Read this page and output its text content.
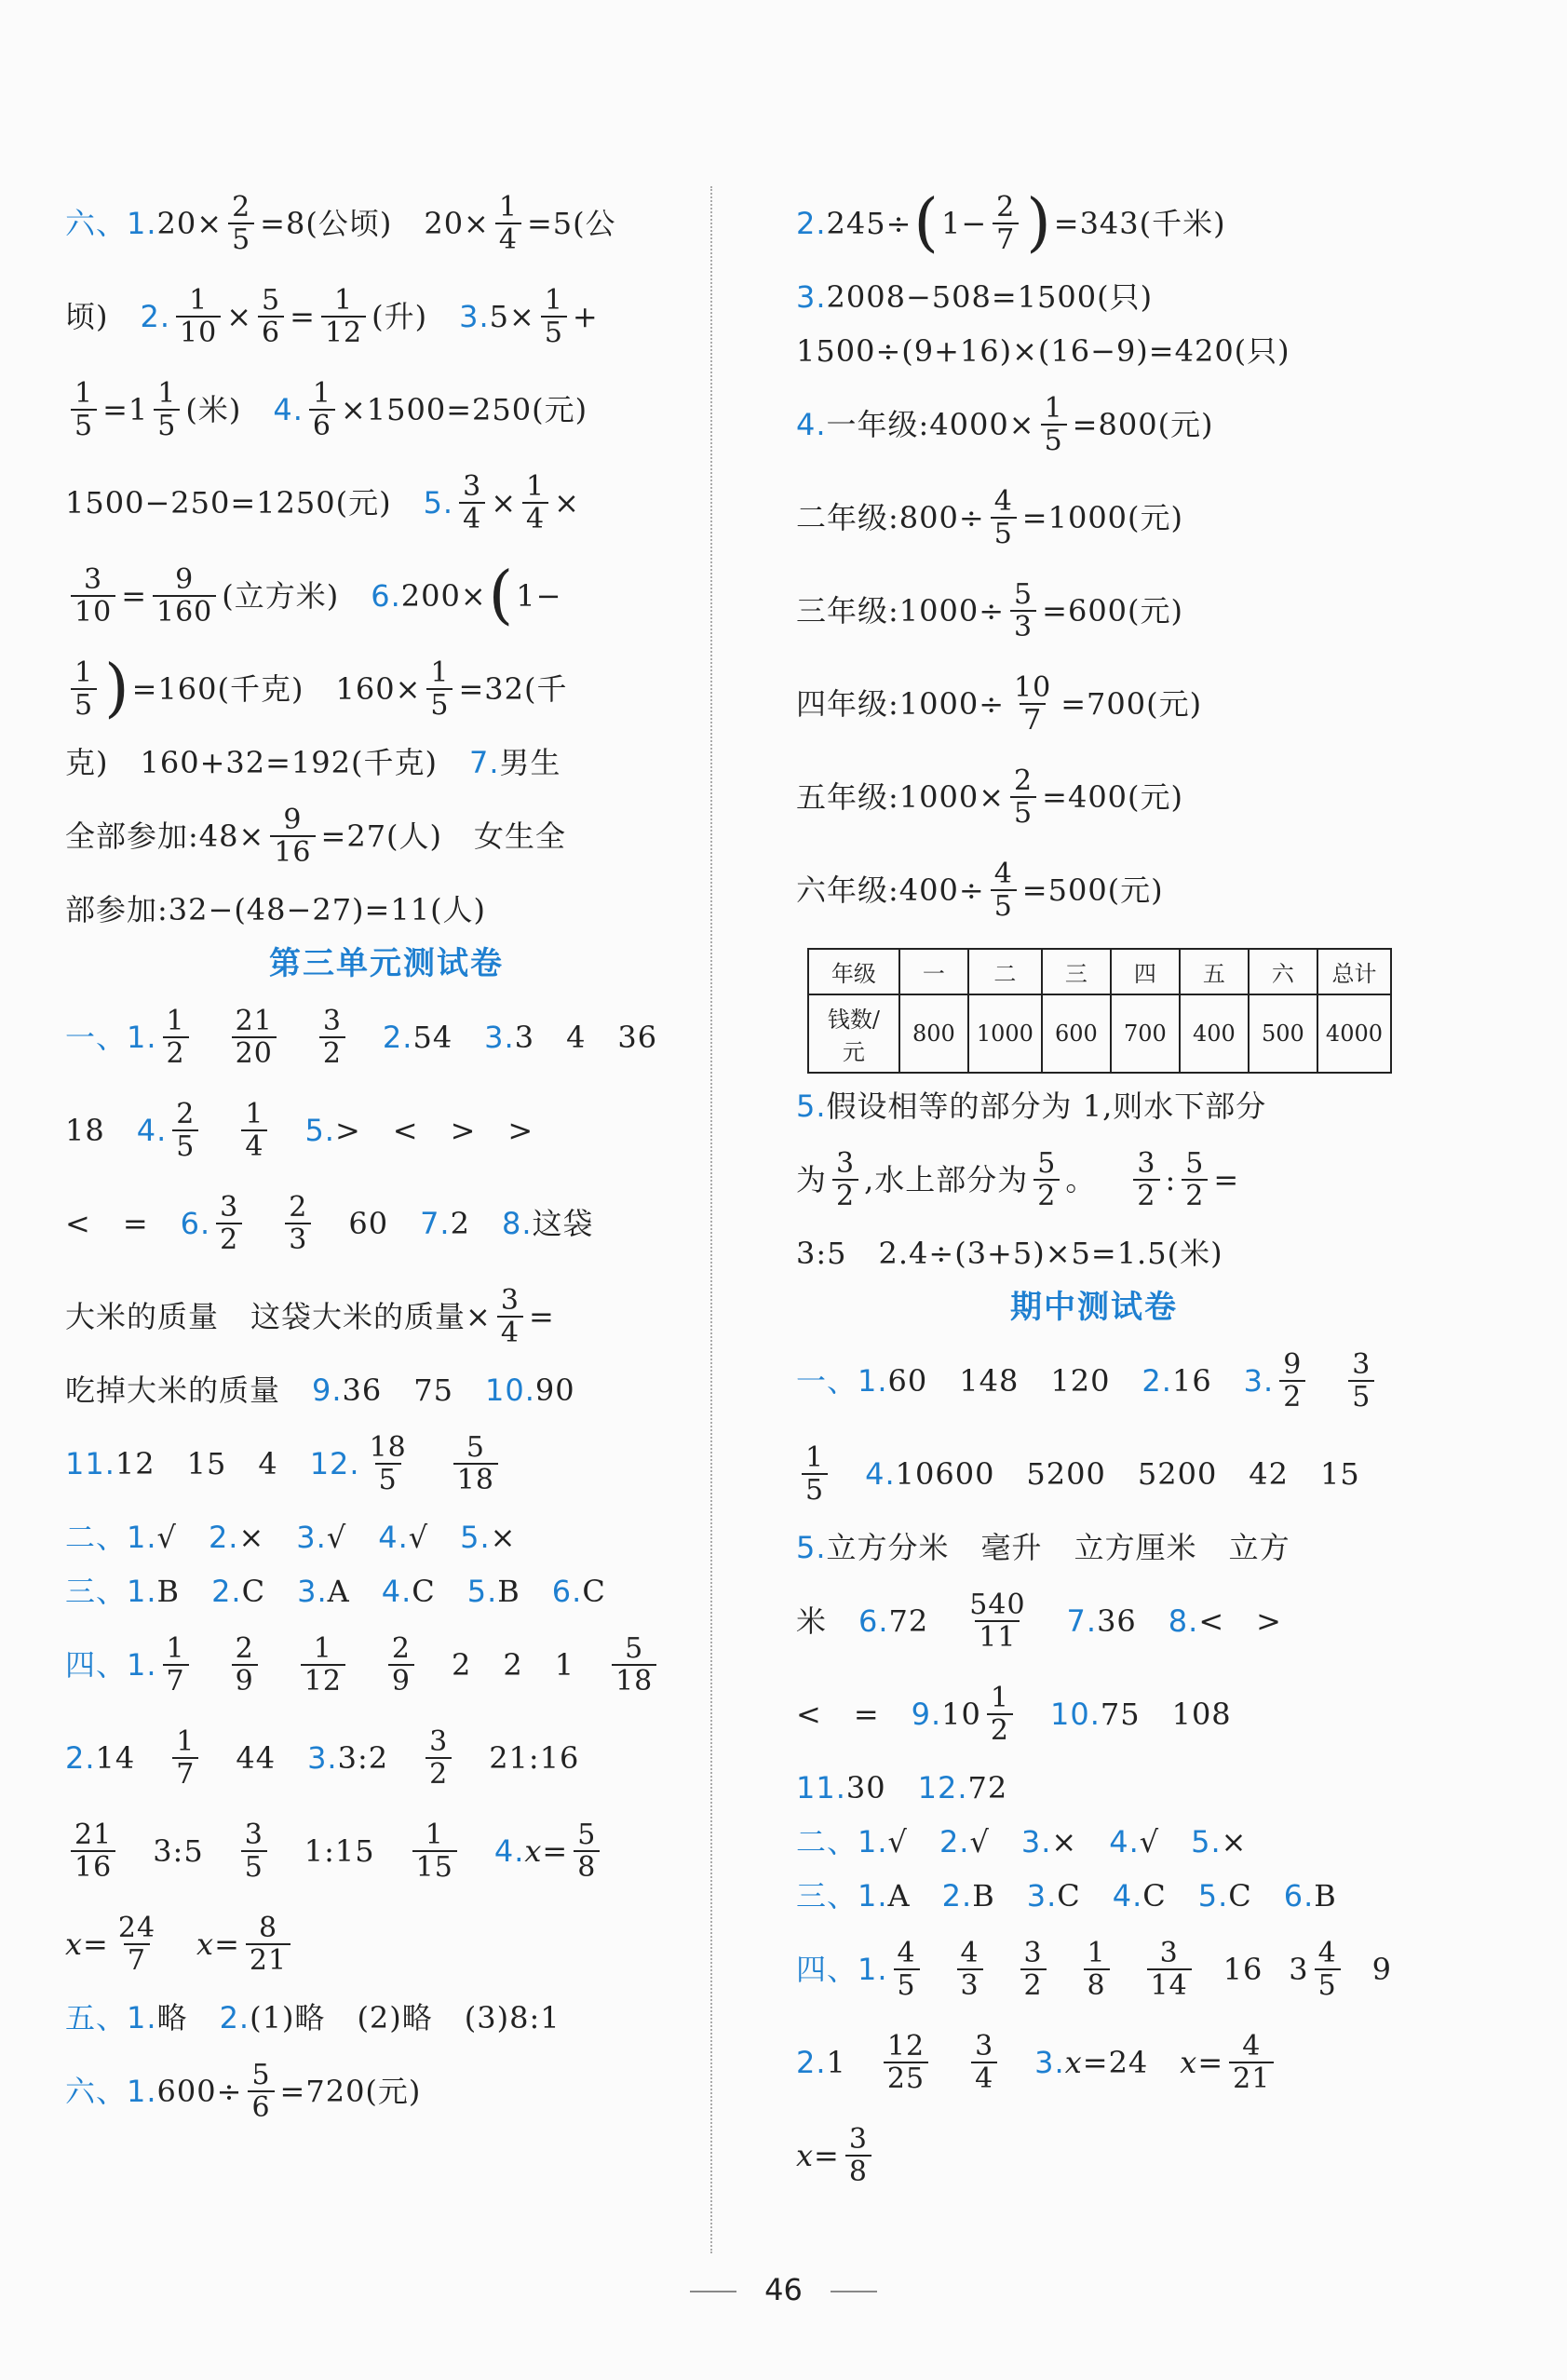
六、1. $20\times \frac{2}{5} =8$(公顷) $20\times \frac{1}{4} =5$(公
顷) 2. $\frac{1}{10} \times \frac{5}{6} = \frac{1}{12}$ (升) 3. $5\times \frac{1}{5}$ +
$\frac{1}{5} =1 \frac{1}{5}$ (米) 4. $\frac{1}{6} \times 1500=250$(元)
1500−250=1250(元) 5. $\frac{3}{4} \times \frac{1}{4}$ ×
$\frac{3}{10} = \frac{9}{160}$ (立方米) 6. 200× ( 1−
$\frac{1}{5}$ ) =160(千克) $160\times \frac{1}{5} =32$(千
克) 160+32=192(千克) 7. 男生
全部参加:48× $\frac{9}{16} =27$(人) 女生全
部参加:32−(48−27)=11(人)
第三单元测试卷
一、1. $\frac{1}{2} \frac{21}{20} \frac{3}{2} 2$. 54 3. 3 4 36
18 4. $\frac{2}{5} \frac{1}{4} 5$. > < > >
< = 6. $\frac{3}{2} \frac{2}{3} 60$ 7. 2 8. 这袋
大米的质量 这袋大米的质量× $\frac{3}{4}$ =
吃掉大米的质量 9. 36 75 10. 90
11. 12 15 4 12. $\frac{18}{5} \frac{5}{18}$
二、1. √ 2. × 3. √ 4. √ 5. ×
三、1. B 2. C 3. A 4. C 5. B 6. C
四、1. $\frac{1}{7} \frac{2}{9} \frac{1}{12} \frac{2}{9} 2$ 2 $1 \frac{5}{18}$
2. $14 \frac{1}{7} 44$ 3. 3:2 $\frac{3}{2}$ 21:16
$\frac{21}{16}$ 3:5 $\frac{3}{5}$ 1:15 $\frac{1}{15} 4$. $x = \frac{5}{8}$
$x = \frac{24}{7}$ $x = \frac{8}{21}$
五、1. 略 2. (1)略 (2)略 (3)8:1
六、1. $600\div \frac{5}{6} =720$(元)
2. 245÷ ( $1- \frac{2}{7}$ ) =343(千米)
3. 2008−508=1500(只)
1500÷(9+16)×(16−9)=420(只)
4. 一年级:4000× $\frac{1}{5} =800$(元)
二年级:800÷ $\frac{4}{5} =1000$(元)
三年级:1000÷ $\frac{5}{3} =600$(元)
四年级:1000÷ $\frac{10}{7} =700$(元)
五年级:1000× $\frac{2}{5} =400$(元)
六年级:400÷ $\frac{4}{5} =500$(元)
年级	一	二	三	四	五	六	总计
钱数/元	800	1000	600	700	400	500	4000
5. 假设相等的部分为 1,则水下部分
为 $\frac{3}{2}$ ,水上部分为 $\frac{5}{2}$ 。 $\frac{3}{2}$ : $\frac{5}{2}$ =
3:5 2.4÷(3+5)×5=1.5(米)
期中测试卷
一、1. 60 148 120 2. 16 3. $\frac{9}{2} \frac{3}{5}$
$\frac{1}{5} 4$. 10600 5200 5200 42 15
5. 立方分米 毫升 立方厘米 立方
米 6. $72 \frac{540}{11} 7$. 36 8. < >
< = 9. $10 \frac{1}{2} 10$. 75 108
11. 30 12. 72
二、1. √ 2. √ 3. × 4. √ 5. ×
三、1. A 2. B 3. C 4. C 5. C 6. B
四、1. $\frac{4}{5} \frac{4}{3} \frac{3}{2} \frac{1}{8} \frac{3}{14} 16$ $3 \frac{4}{5} 9$
2. $1 \frac{12}{25} \frac{3}{4} 3$. x =24 $x = \frac{4}{21}$
$x = \frac{3}{8}$
46
